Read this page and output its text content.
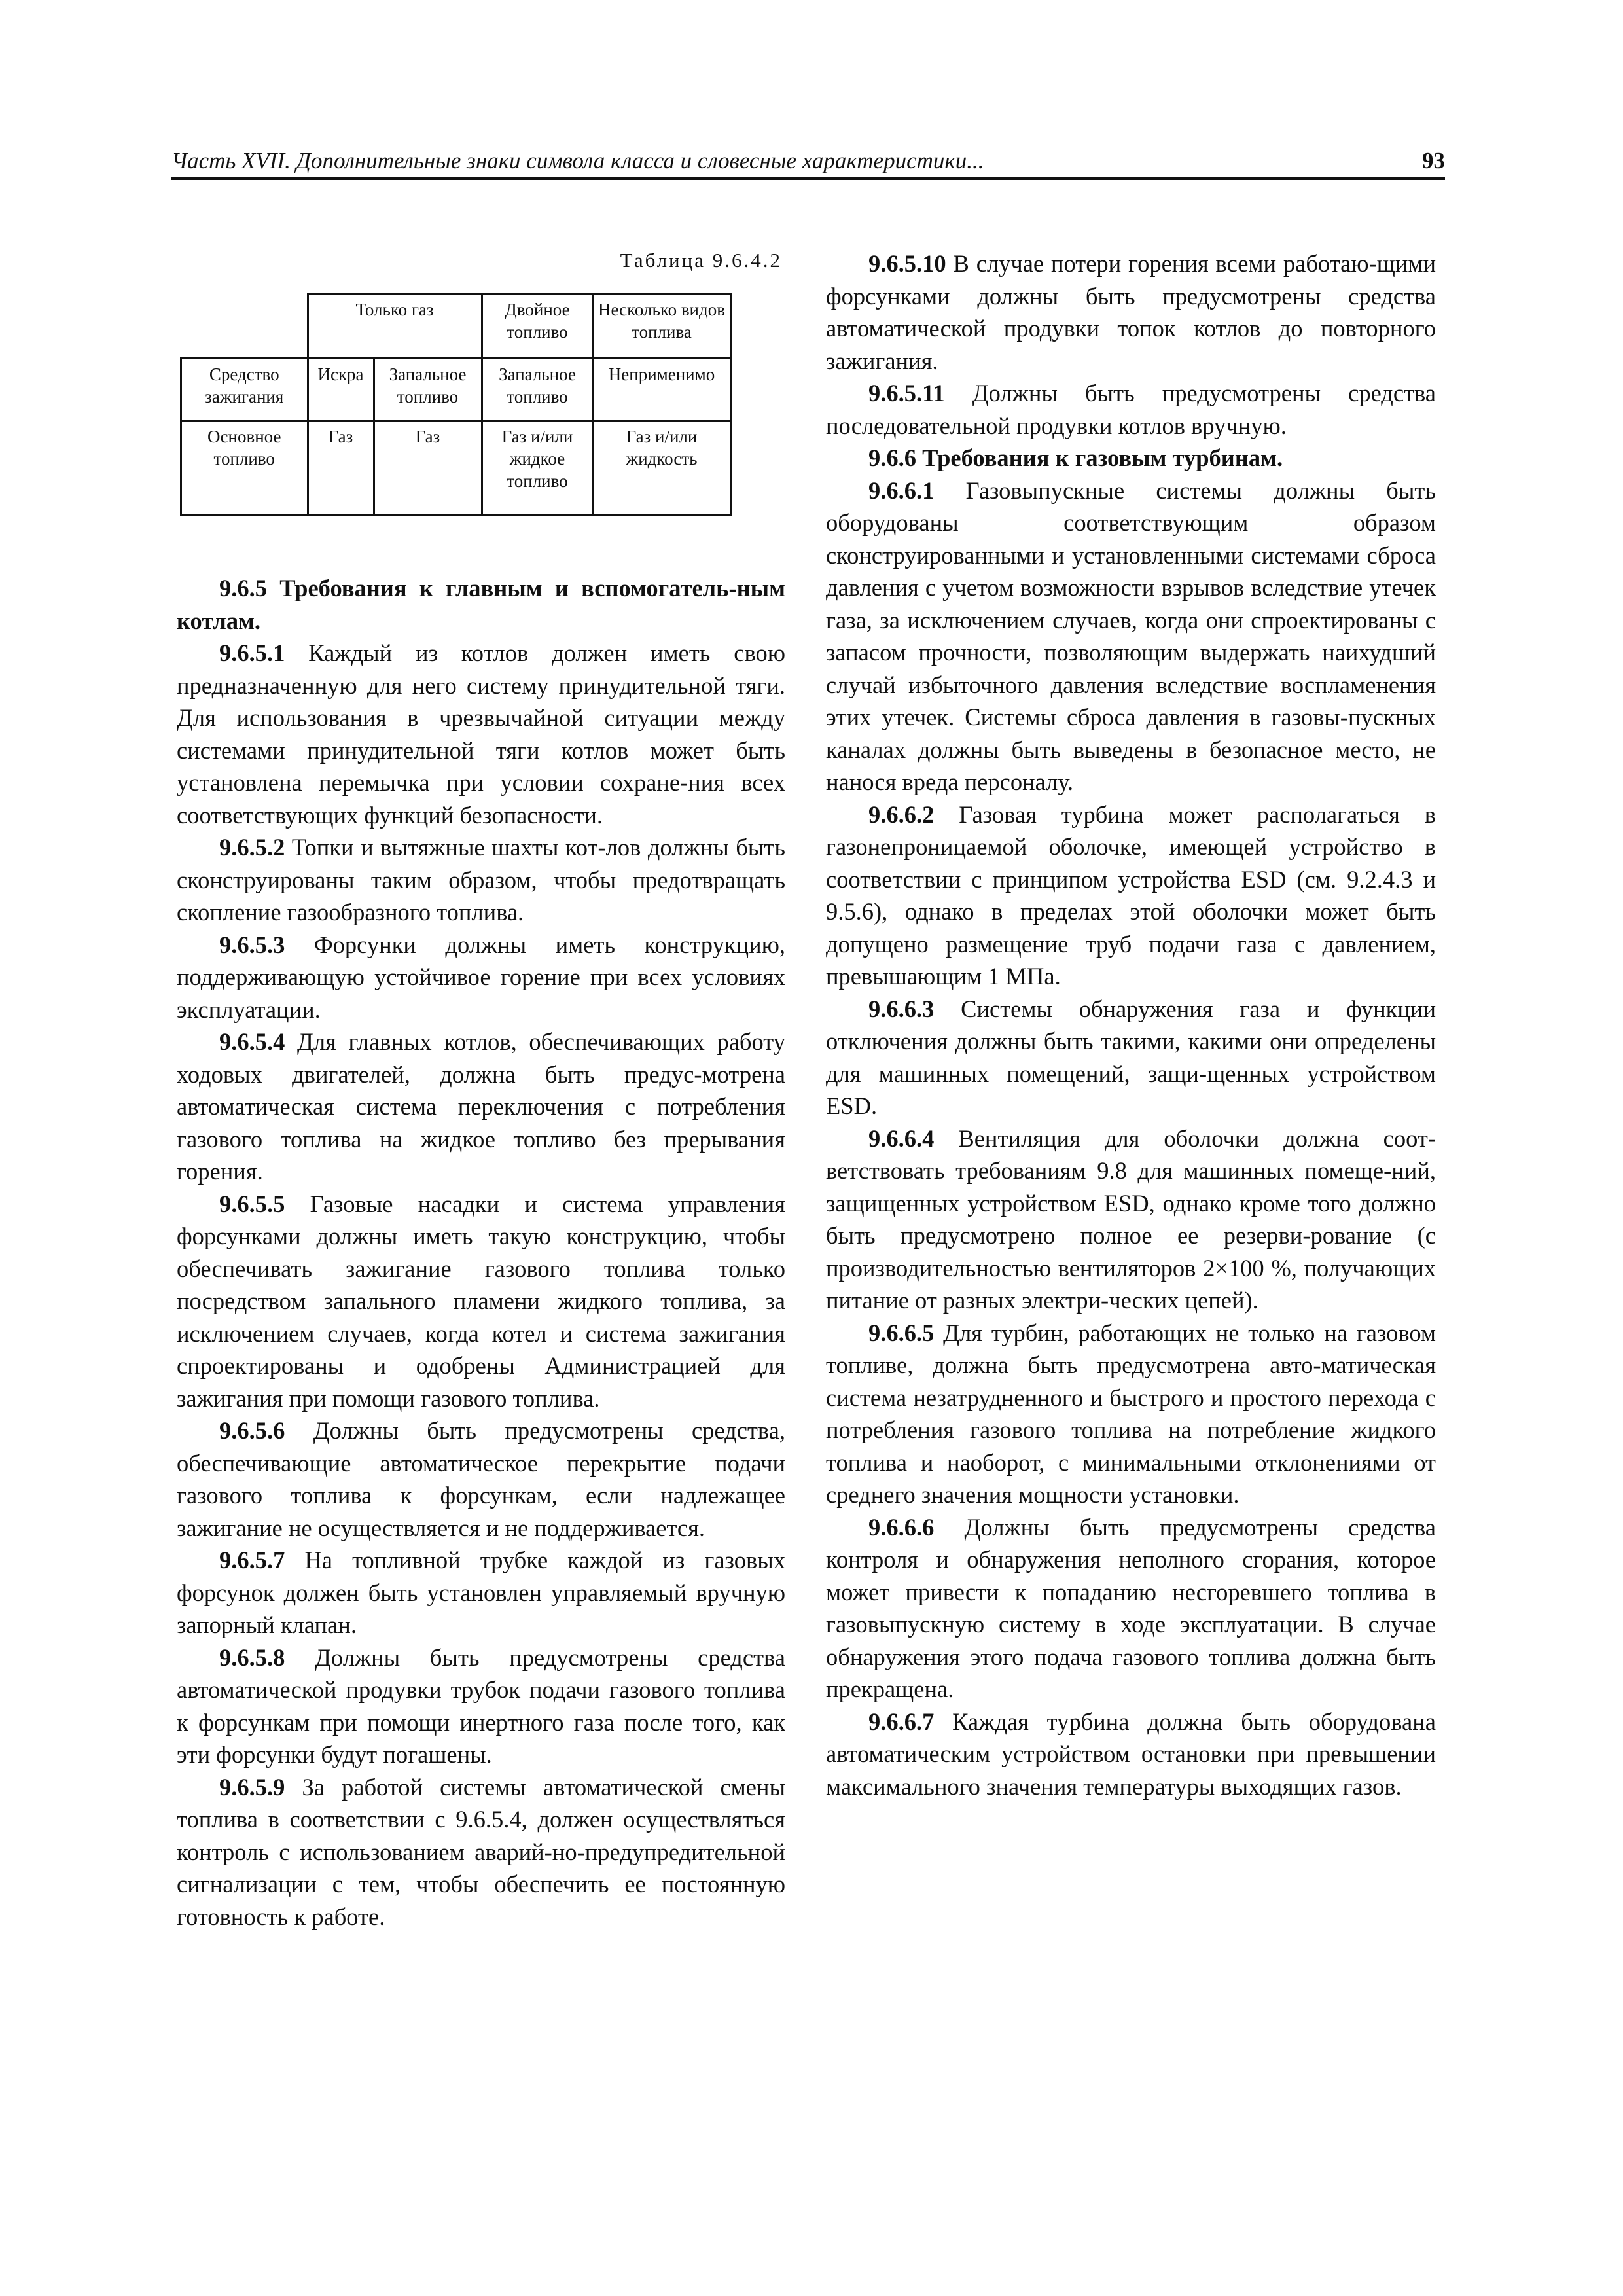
Часть XVII. Дополнительные знаки символа класса и словесные характеристики...	93
Таблица 9.6.4.2
	Только газ		Двойное топливо	Несколько видов топлива
Средство зажигания	Искра	Запальное топливо	Запальное топливо	Неприменимо
Основное топливо	Газ	Газ	Газ и/или жидкое топливо	Газ и/или жидкость

9.6.5 Требования к главным и вспомогатель-ным котлам.

9.6.5.1 Каждый из котлов должен иметь свою предназначенную для него систему принудительной тяги. Для использования в чрезвычайной ситуации между системами принудительной тяги котлов может быть установлена перемычка при условии сохране-ния всех соответствующих функций безопасности.

9.6.5.2 Топки и вытяжные шахты кот-лов должны быть сконструированы таким образом, чтобы предотвращать скопление газообразного топлива.

9.6.5.3 Форсунки должны иметь конструкцию, поддерживающую устойчивое горение при всех условиях эксплуатации.

9.6.5.4 Для главных котлов, обеспечивающих работу ходовых двигателей, должна быть предус-мотрена автоматическая система переключения с потребления газового топлива на жидкое топливо без прерывания горения.

9.6.5.5 Газовые насадки и система управления форсунками должны иметь такую конструкцию, чтобы обеспечивать зажигание газового топлива только посредством запального пламени жидкого топлива, за исключением случаев, когда котел и система зажигания спроектированы и одобрены Администрацией для зажигания при помощи газового топлива.

9.6.5.6 Должны быть предусмотрены средства, обеспечивающие автоматическое перекрытие подачи газового топлива к форсункам, если надлежащее зажигание не осуществляется и не поддерживается.

9.6.5.7 На топливной трубке каждой из газовых форсунок должен быть установлен управляемый вручную запорный клапан.

9.6.5.8 Должны быть предусмотрены средства автоматической продувки трубок подачи газового топлива к форсункам при помощи инертного газа после того, как эти форсунки будут погашены.

9.6.5.9 За работой системы автоматической смены топлива в соответствии с 9.6.5.4, должен осуществляться контроль с использованием аварий-но-предупредительной сигнализации с тем, чтобы обеспечить ее постоянную готовность к работе.

9.6.5.10 В случае потери горения всеми работаю-щими форсунками должны быть предусмотрены средства автоматической продувки топок котлов до повторного зажигания.

9.6.5.11 Должны быть предусмотрены средства последовательной продувки котлов вручную.

9.6.6 Требования к газовым турбинам.

9.6.6.1 Газовыпускные системы должны быть оборудованы соответствующим образом сконструированными и установленными системами сброса давления с учетом возможности взрывов вследствие утечек газа, за исключением случаев, когда они спроектированы с запасом прочности, позволяющим выдержать наихудший случай избыточного давления вследствие воспламенения этих утечек. Системы сброса давления в газовы-пускных каналах должны быть выведены в безопасное место, не нанося вреда персоналу.

9.6.6.2 Газовая турбина может располагаться в газонепроницаемой оболочке, имеющей устройство в соответствии с принципом устройства ESD (см. 9.2.4.3 и 9.5.6), однако в пределах этой оболочки может быть допущено размещение труб подачи газа с давлением, превышающим 1 МПа.

9.6.6.3 Системы обнаружения газа и функции отключения должны быть такими, какими они определены для машинных помещений, защи-щенных устройством ESD.

9.6.6.4 Вентиляция для оболочки должна соот-ветствовать требованиям 9.8 для машинных помеще-ний, защищенных устройством ESD, однако кроме того должно быть предусмотрено полное ее резерви-рование (с производительностью вентиляторов 2×100 %, получающих питание от разных электри-ческих цепей).

9.6.6.5 Для турбин, работающих не только на газовом топливе, должна быть предусмотрена авто-матическая система незатрудненного и быстрого и простого перехода с потребления газового топлива на потребление жидкого топлива и наоборот, с минимальными отклонениями от среднего значения мощности установки.

9.6.6.6 Должны быть предусмотрены средства контроля и обнаружения неполного сгорания, которое может привести к попаданию несгоревшего топлива в газовыпускную систему в ходе эксплуатации. В случае обнаружения этого подача газового топлива должна быть прекращена.

9.6.6.7 Каждая турбина должна быть оборудована автоматическим устройством остановки при превышении максимального значения температуры выходящих газов.
